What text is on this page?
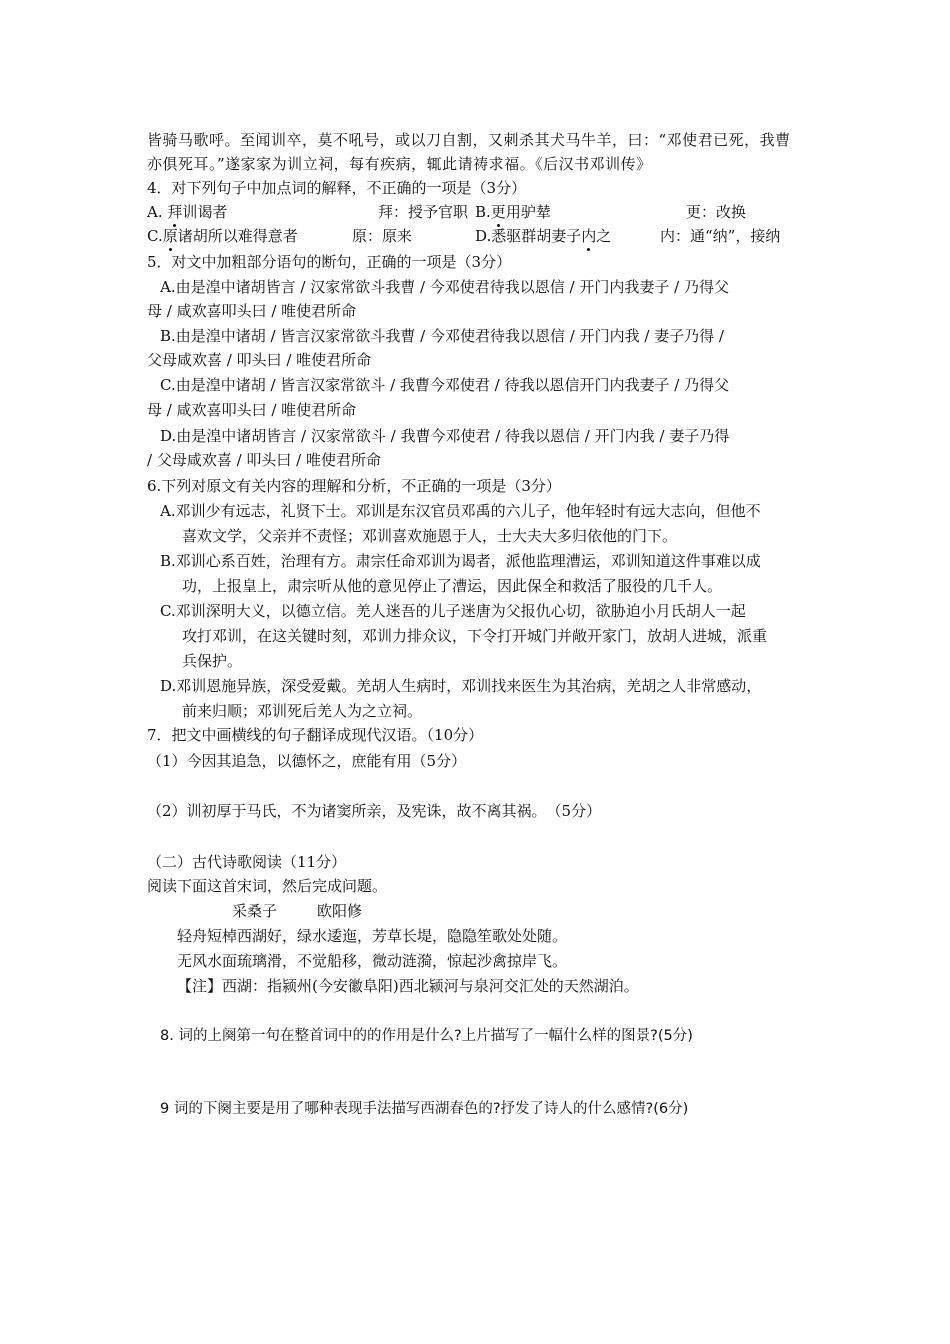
皆骑马歌呼。至闻训卒，莫不吼号，或以刀自割，又刺杀其犬马牛羊，曰：“邓使君已死，我曹
亦俱死耳。”遂家家为训立祠，每有疾病，辄此请祷求福。《后汉书邓训传》
4．对下列句子中加点词的解释，不正确的一项是（3分）
A. 拜训谒者	拜：授予官职 B.更用驴辇	更：改换
C.原诸胡所以难得意者	原：原来	D.悉驱群胡妻子内之	内：通“纳”，接纳
5．对文中加粗部分语句的断句，正确的一项是（3分）
A.由是湟中诸胡皆言 / 汉家常欲斗我曹 / 今邓使君待我以恩信 / 开门内我妻子 / 乃得父
母 / 咸欢喜叩头曰 / 唯使君所命
B.由是湟中诸胡 / 皆言汉家常欲斗我曹 / 今邓使君待我以恩信 / 开门内我 / 妻子乃得 /
父母咸欢喜 / 叩头曰 / 唯使君所命
C.由是湟中诸胡 / 皆言汉家常欲斗 / 我曹今邓使君 / 待我以恩信开门内我妻子 / 乃得父
母 / 咸欢喜叩头曰 / 唯使君所命
D.由是湟中诸胡皆言 / 汉家常欲斗 / 我曹今邓使君 / 待我以恩信 / 开门内我 / 妻子乃得
/ 父母咸欢喜 / 叩头曰 / 唯使君所命
6.下列对原文有关内容的理解和分析，不正确的一项是（3分）
A.邓训少有远志，礼贤下士。邓训是东汉官员邓禹的六儿子，他年轻时有远大志向，但他不
喜欢文学，父亲并不责怪；邓训喜欢施恩于人，士大夫大多归依他的门下。
B.邓训心系百姓，治理有方。肃宗任命邓训为谒者，派他监理漕运，邓训知道这件事难以成
功，上报皇上，肃宗听从他的意见停止了漕运，因此保全和救活了服役的几千人。
C.邓训深明大义，以德立信。羌人迷吾的儿子迷唐为父报仇心切，欲胁迫小月氏胡人一起
攻打邓训，在这关键时刻，邓训力排众议，下令打开城门并敞开家门，放胡人进城，派重
兵保护。
D.邓训恩施异族，深受爱戴。羌胡人生病时，邓训找来医生为其治病，羌胡之人非常感动，
前来归顺；邓训死后羌人为之立祠。
7．把文中画横线的句子翻译成现代汉语。（10分）
（1）今因其追急，以德怀之，庶能有用（5分）
（2）训初厚于马氏，不为诸窦所亲，及宪诛，故不离其祸。　（5分）
（二）古代诗歌阅读（11分）
阅读下面这首宋词，然后完成问题。
采桑子	欧阳修
轻舟短棹西湖好，绿水逶迤，芳草长堤，隐隐笙歌处处随。
无风水面琉璃滑，不觉船移，微动涟漪，惊起沙禽掠岸飞。
【注】西湖：指颍州(今安徽阜阳)西北颍河与泉河交汇处的天然湖泊。
8. 词的上阕第一句在整首词中的的作用是什么?上片描写了一幅什么样的图景?(5分)
9 词的下阕主要是用了哪种表现手法描写西湖春色的?抒发了诗人的什么感情?(6分)
